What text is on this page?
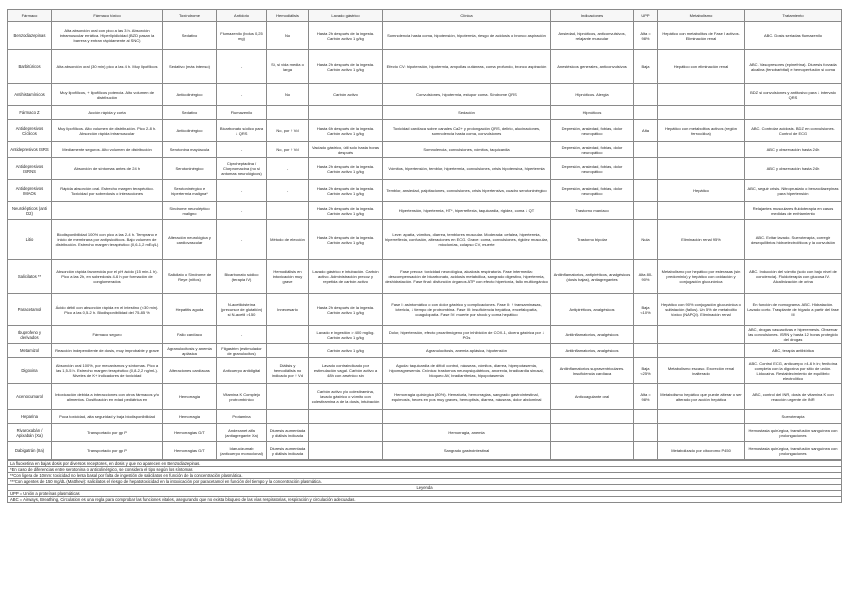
Fármaco	Fármaco tóxico	Toxíndrome	Antídoto	Hemodiálisis	Lavado gástrico	Clínica	Indicaciones	UPP	Metabolismo	Tratamiento
Benzodiazepinas	Alta absorción oral con pico a las 3 h. Absorción intramuscular errática. Hiperlipidicidad (BZD pasan la barrera y entran rápidamente al SNC)	Sedativo	Flumazenilo (bolus 0,25 mg)	No	Hasta 2h después de la ingesta. Carbón activo 1 g/kg	Somnolencia hasta coma, hipotensión, hipotermia, riesgo de acidosis o bronco aspiración	Ansiedad, hipnóticos, anticonvulsivos, relajante muscular	Alta = 98%	Hepático con metabolitos de Fase I activos. Eliminación renal	ABC. Dosis seriadas flumazenilo
Barbitúricos	Alta absorción oral (30 min) pico a las 4 h. Muy lipofílicos	Sedativo (más intenso)	-	Sí, si vida media o larga	Hasta 2h después de la ingesta. Carbón activo 1 g/kg	Efecto CV: hipotensión, hipotermia, ampollas cutáneas, coma profundo, bronco aspiración	Anestésicos generales, anticonvulsivos	Baja	Hepático con eliminación renal	ABC. Vasopresores (epinefrina). Diuresis forzada alcalina (fenobarbital) e hemoperfusión si coma
Antihistamínicos	Muy lipofílicos, + lipofílicos potencia. Alto volumen de distribución	Anticolinérgico	-	No	Carbón activo	Convulsiones, hipotermia, estupor coma. Síndrome QRS	Hipnóticos. Alergia			BDZ si convulsiones y antitosivo para ↓ intervalo QRS
Fármaco Z	Acción rápida y corta	Sedativo	Flumazenilo			Sedación	Hipnóticos			
Antidepresivos Cíclicos	Muy lipofílicos. Alto volumen de distribución. Pico 2-8 h. Absorción rápida intramuscular	Anticolinérgico	Bicarbonato sódico para ↓ QRS	No, por ↑ Vd	Hasta 6h después de la ingesta. Carbón activo 1 g/kg	Toxicidad cardíaca sobre canales Ca2+ y prolongación QRS, delirio, alucinaciones, somnolencia hasta coma, convulsiones	Depresión, ansiedad, fobias, dolor neuropático	Alta	Hepático con metabolitos activos (región ferrocólica)	ABC. Controlar acidosis. BDZ en convulsiones. Control de ECG
Antidepresivos ISRS	Mediamente seguros. Alto volumen de distribución	Serotonina mayúscula	-	No, por ↑ Vd	Vaciado gástrico, útil solo hasta horas después	Somnolencia, convulsiones, vómitos, taquicardia	Depresión, ansiedad, fobias, dolor neuropático			ABC y observación hasta 24h
Antidepresivos ISRNS	Absorción de síntomas antes de 24 h	Serotoninérgico	Ciproheptadina / Clorpromacina (no si antomas neurológicos)	-	Hasta 2h después de la ingesta. Carbón activo 1 g/kg	Vómitos, hipertensión, temblor, hipertermia, convulsiones, crisis hipotensiva, hipertermia	Depresión, ansiedad, fobias, dolor neuropático			ABC y observación hasta 24h
Antidepresivos IMAOs	Rápida absorción oral. Estrecho margen terapéutico. Toxicidad por sobredosis o interacciones	Serotoninérgico e hipertermia maligna*	-	-	Hasta 2h después de la ingesta. Carbón activo 1 g/kg	Temblor, ansiedad, palpitaciones, convulsiones, crisis hipertensiva, cuadro serotoninérgico	Depresión, ansiedad, fobias, dolor neuropático		Hepático	ABC, seguir crisis. Nitroprusiato o benzodiazepinas para hipertensión
Neurolépticos (anti D2)		Síndrome neuroléptico maligno	-		Hasta 2h después de la ingesta. Carbón activo 1 g/kg	Hipertensión, hipertermia, HT*, hiperreflexia, taquicardia, rigidez, coma ↓ QT	Trastorno maníaco			Relajantes musculares fluidoterapia en casos medidas de enfriamiento
Litio	Biodisponibilidad 100% con pico a las 2-4 h. Temprano e inicio de membrana por antipsicóticos. Bajo volumen de distribución. Estrecho margen terapéutico (0,6-1,2 mEq/L)	Alteración neurológica y cardiovascular	-	Método de elección	Hasta 2h después de la ingesta. Carbón activo 1 g/kg	Leve: apatía, vómitos, diarrea, temblores muscular. Moderada: cefalea, hipertermia, hiperreflexia, confusión, alteraciones en ECG. Grave: coma, convulsiones, rigidez muscular, mioclonías, colapso CV, muerte	Trastorno bipolar	Nula	Eliminación renal 95%	ABC. Evitar lavado. Sueroterapia, corregir desequilibrios hidroelectrolíticos y la convulsión
Salicilatos **	Absorción rápida favorecida por el pH ácido (15 min-1 h). Pico a las 2h, en sobredosis 4-6 h por formación de conglomerados	Salicilato o Síndrome de Reye (niños)	Bicarbonato sódico (terapia IV)	Hemodiálisis en intoxicación muy grave	Lavado gástrico e intubación. Carbón activo. Administración precoz y repetida de carbón activo	Fase precoz: toxicidad neurológica, alcalosis respiratoria. Fase intermedia: descompensación de bicarbonato, acidosis metabólica, sangrado digestivo, hipertermia, deshidratación. Fase final: disfunción órganos ATP con efecto hipertonía, fallo multiorgánico	Antiinflamatorios, antipiréticos, analgésicos (dosis bajas), antiagregantes	Alta 80-90%	Metabolismo por hepático por esterasas (sin predominio) y hepático con oxidación y conjugación glucurónica	ABC. Inducción del vómito (solo con bajo nivel de conciencia). Fluidoterapia con glucosa IV. Alcalinización de orina
Paracetamol	Ácido débil con absorción rápida en el intestino (<30 min). Pico a las 0,5-2 h. Biodisponibilidad del 75-85 %	Hepatitis aguda	N-acetilcisteína (precursor de glutatión) si N-acetil >150	Innecesario	Hasta 2h después de la ingesta. Carbón activo 1 g/kg	Fase I: asintomático o con dolor gástrico y complicaciones. Fase II: ↑ transaminasas, ictericia, ↓ tiempo de protrombina. Fase III: insuficiencia hepática, encefalopatía, coagulopatía. Fase IV: muerte por shock y coma hepático	Antipiréticos, analgésicos	Baja <10%	Hepático con 90% conjugación glucurónica o sulfatación (fallos). Un 5% de metabolito tóxico (NAPQI). Eliminación renal	En función de nomograma. ABC. Hidratación. Lavado corto. Trasplante de hígado a partir del fase III
Ibuprofeno y derivados	Fármaco seguro	Fallo cardíaco	-		Lavado e ingestión > 400 mg/kg. Carbón activo 1 g/kg	Dolor, hipertensión, efecto proaritmógeno por inhibición de COX-1, úlcera gástrica por ↓ PGs	Antiinflamatorios, analgésicos			ABC, drogas vasoactivas e hiperemesis. Observar las convulsiones. ISRN y hasta 12 horas protegido del drogas
Metamizol	Reacción independiente de dosis, muy improbable y grave	Agranulocitosis y anemia aplásica	Filgastrim (estimulador de granulocitos)		Carbón activo 1 g/kg	Agranulocitosis, anemia aplásica, hipotensión	Antiinflamatorios, analgésicos			ABC, terapia antibiótica
Digoxina	Absorción oral 100%, por mecanismos y síntomas. Pico a las 1,5-5 h. Estrecho margen terapéutico (0,8-2,2 ng/mL). Niveles de K+ indicadores de toxicidad	Alteraciones cardíacas	Anticuerpo antidigital	Diálisis y hemodiálisis no indicado por ↑ Vd	Lavado contraindicado por estimulación vagal. Carbón activo a 48h con arsénico sin	Aguda: taquicardia de difícil control, náuseas, vómitos, diarrea, hiperpotasemia, hipomagnesemia. Crónica: trastornos neuropsiquiátricos, anorexia, bradicardia sinusal, bloqueo AV, bradiarritmias, hipopotasemia	Antiinflamatorios supraventriculares. Insuficiencia cardíaca	Baja <25%	Metabolismo escaso. Excreción renal inalterado	ABC. Control ECG, anticuerpo >4-6 h in; fenitoína completa con la digoxina por sitio de unión. Lidocaína. Restablecimiento de equilibrio electrolítico
Acenocumarol	Intoxicación debida a interacciones con otros fármacos y/o alimentos. Dosificación en edad pediátrica en	Hemorragia	Vitamina K Complejo protrombínico		Carbón activo y/o colestiramina, lavado gástrico o vómito con colestiramina a de la dosis, intubación	Hemorragia quirúrgica (80%). Hematuria, hemorragias, sangrado gastrointestinal, equimosis, heces en pos muy graves, hemoptisis, diarrea, náuseas, dolor abdominal	Anticoagulante oral	Alta = 98%	Metabolismo hepático que puede alterar o ser alterado por acción hepática	ABC, control del INR, dosis de vitamina K con reacción urgente de INR
Heparina	Poca toxicidad, alta seguridad y baja biodisponibilidad	Hemorragia	Protamina							Sueroterapia
Rivaroxabán / Apixabán (Xa)	Transportado por gp P	Hemorragias G/T	Andexanet alfa (antiagregante Xa)	Diuresis aumentada y diálisis indicada		Hemorragia, anemia				Hemostasia quirúrgica, transfusión sanguínea con prolongaciones
Dabigatrán (IIa)	Transportado por gp P	Hemorragias G/T	Idarucizumab (anticuerpo monoclonal)	Diuresis aumentada y diálisis indicada		Sangrado gastrointestinal			Metabolizado por citocromo P450	Hemostasia quirúrgica, transfusión sanguínea con prolongaciones
La fluoxetina en bajas dosis por diversos receptores, en dosis y que no aparecen en Benzodiazepinas.
*En caso de diferencias entre serotonina o anticolinérgico, se considera el tipo según los síntomas
**Con ligera de 10mm: toxicidad no lenta basal por falta de ingestión de salicilatos en función de la concentración plasmática.
***Con agentes de 150 mg/dL (Matthew): salicilatos el riesgo de hepatotoxicidad en la intoxicación por paracetamol en función del tiempo y la concentración plasmática.
Leyenda
UPP = Unión a proteínas plasmáticas
ABC = Airways, Breathing, Circulation es una regla para comprobar las funciones vitales, asegurando que no exista bloqueo de las vías respiratorias, respiración y circulación adecuadas.
